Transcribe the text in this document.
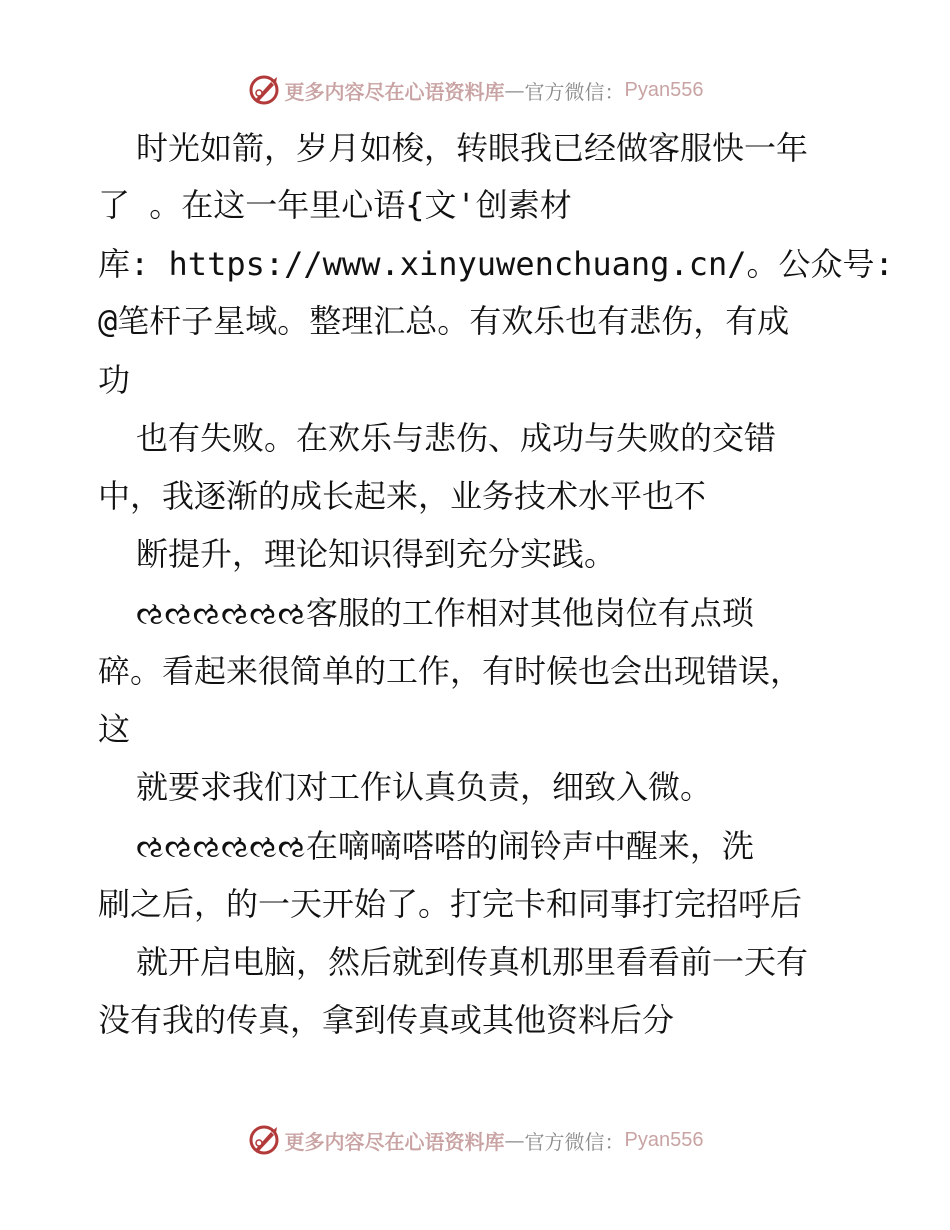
更多内容尽在心语资料库 — 官方微信： Pyan556
时光如箭，岁月如梭，转眼我已经做客服快一年
了 。在这一年里心语{文'创素材
库: https://www.xinyuwenchuang.cn/。公众号:
@笔杆子星域。整理汇总。有欢乐也有悲伤，有成
功
也有失败。在欢乐与悲伤、成功与失败的交错
中，我逐渐的成长起来，业务技术水平也不
断提升，理论知识得到充分实践。
ઌઌઌઌઌઌ客服的工作相对其他岗位有点琐
碎。看起来很简单的工作，有时候也会出现错误，
这
就要求我们对工作认真负责，细致入微。
ઌઌઌઌઌઌ在嘀嘀嗒嗒的闹铃声中醒来，洗
刷之后，的一天开始了。打完卡和同事打完招呼后
就开启电脑，然后就到传真机那里看看前一天有
没有我的传真，拿到传真或其他资料后分
更多内容尽在心语资料库 — 官方微信： Pyan556
